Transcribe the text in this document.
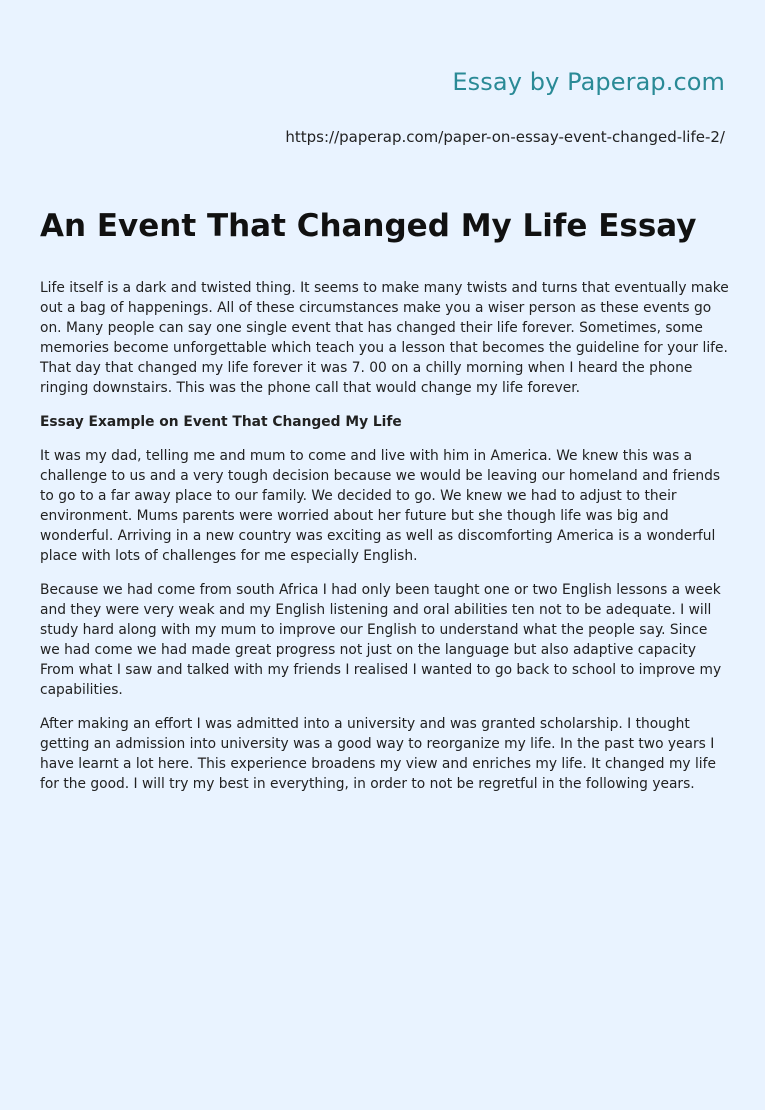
Essay by Paperap.com
https://paperap.com/paper-on-essay-event-changed-life-2/
An Event That Changed My Life Essay

Life itself is a dark and twisted thing. It seems to make many twists and turns that eventually make out a bag of happenings. All of these circumstances make you a wiser person as these events go on. Many people can say one single event that has changed their life forever. Sometimes, some memories become unforgettable which teach you a lesson that becomes the guideline for your life. That day that changed my life forever it was 7. 00 on a chilly morning when I heard the phone ringing downstairs. This was the phone call that would change my life forever.

Essay Example on Event That Changed My Life

It was my dad, telling me and mum to come and live with him in America. We knew this was a challenge to us and a very tough decision because we would be leaving our homeland and friends to go to a far away place to our family. We decided to go. We knew we had to adjust to their environment. Mums parents were worried about her future but she though life was big and wonderful. Arriving in a new country was exciting as well as discomforting America is a wonderful place with lots of challenges for me especially English.

Because we had come from south Africa I had only been taught one or two English lessons a week and they were very weak and my English listening and oral abilities ten not to be adequate. I will study hard along with my mum to improve our English to understand what the people say. Since we had come we had made great progress not just on the language but also adaptive capacity From what I saw and talked with my friends I realised I wanted to go back to school to improve my capabilities.

After making an effort I was admitted into a university and was granted scholarship. I thought getting an admission into university was a good way to reorganize my life. In the past two years I have learnt a lot here. This experience broadens my view and enriches my life. It changed my life for the good. I will try my best in everything, in order to not be regretful in the following years.
